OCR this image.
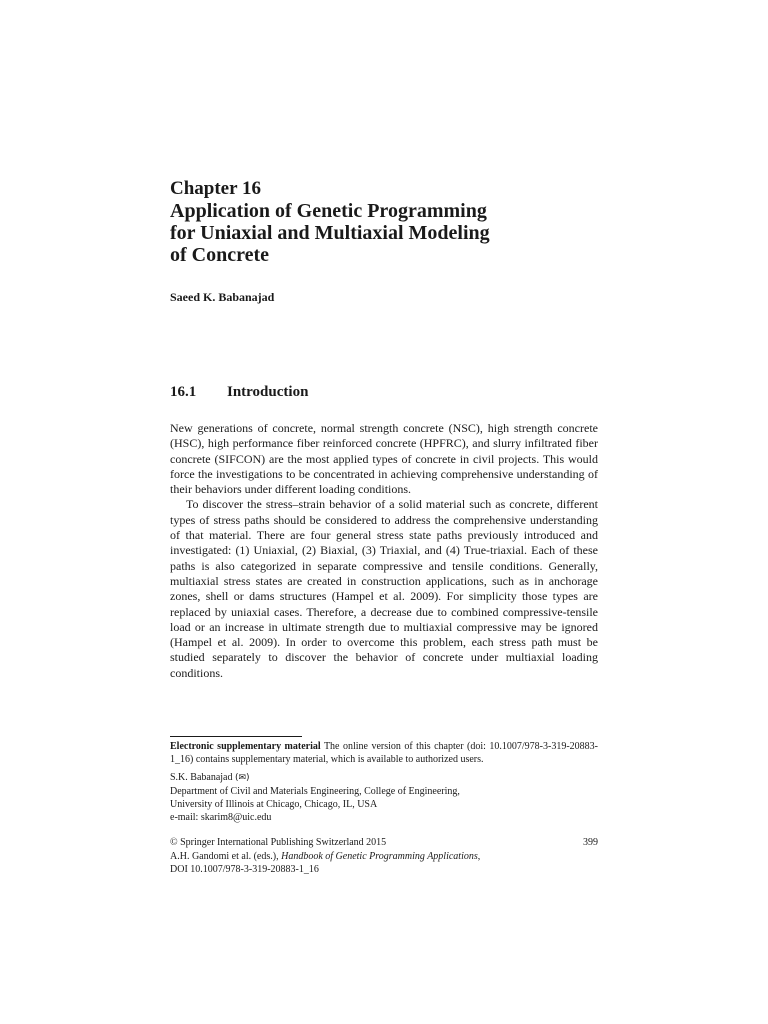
Chapter 16
Application of Genetic Programming
for Uniaxial and Multiaxial Modeling
of Concrete

Saeed K. Babanajad

16.1 Introduction

New generations of concrete, normal strength concrete (NSC), high strength concrete (HSC), high performance fiber reinforced concrete (HPFRC), and slurry infiltrated fiber concrete (SIFCON) are the most applied types of concrete in civil projects. This would force the investigations to be concentrated in achieving comprehensive understanding of their behaviors under different loading conditions.

To discover the stress–strain behavior of a solid material such as concrete, different types of stress paths should be considered to address the comprehensive understanding of that material. There are four general stress state paths previously introduced and investigated: (1) Uniaxial, (2) Biaxial, (3) Triaxial, and (4) True-triaxial. Each of these paths is also categorized in separate compressive and tensile conditions. Generally, multiaxial stress states are created in construction applications, such as in anchorage zones, shell or dams structures (Hampel et al. 2009). For simplicity those types are replaced by uniaxial cases. Therefore, a decrease due to combined compressive-tensile load or an increase in ultimate strength due to multiaxial compressive may be ignored (Hampel et al. 2009). In order to overcome this problem, each stress path must be studied separately to discover the behavior of concrete under multiaxial loading conditions.

Electronic supplementary material The online version of this chapter (doi: 10.1007/978-3-319-20883-1_16) contains supplementary material, which is available to authorized users.

S.K. Babanajad (✉)
Department of Civil and Materials Engineering, College of Engineering,
University of Illinois at Chicago, Chicago, IL, USA
e-mail: skarim8@uic.edu
© Springer International Publishing Switzerland 2015	399
A.H. Gandomi et al. (eds.), Handbook of Genetic Programming Applications,
DOI 10.1007/978-3-319-20883-1_16
